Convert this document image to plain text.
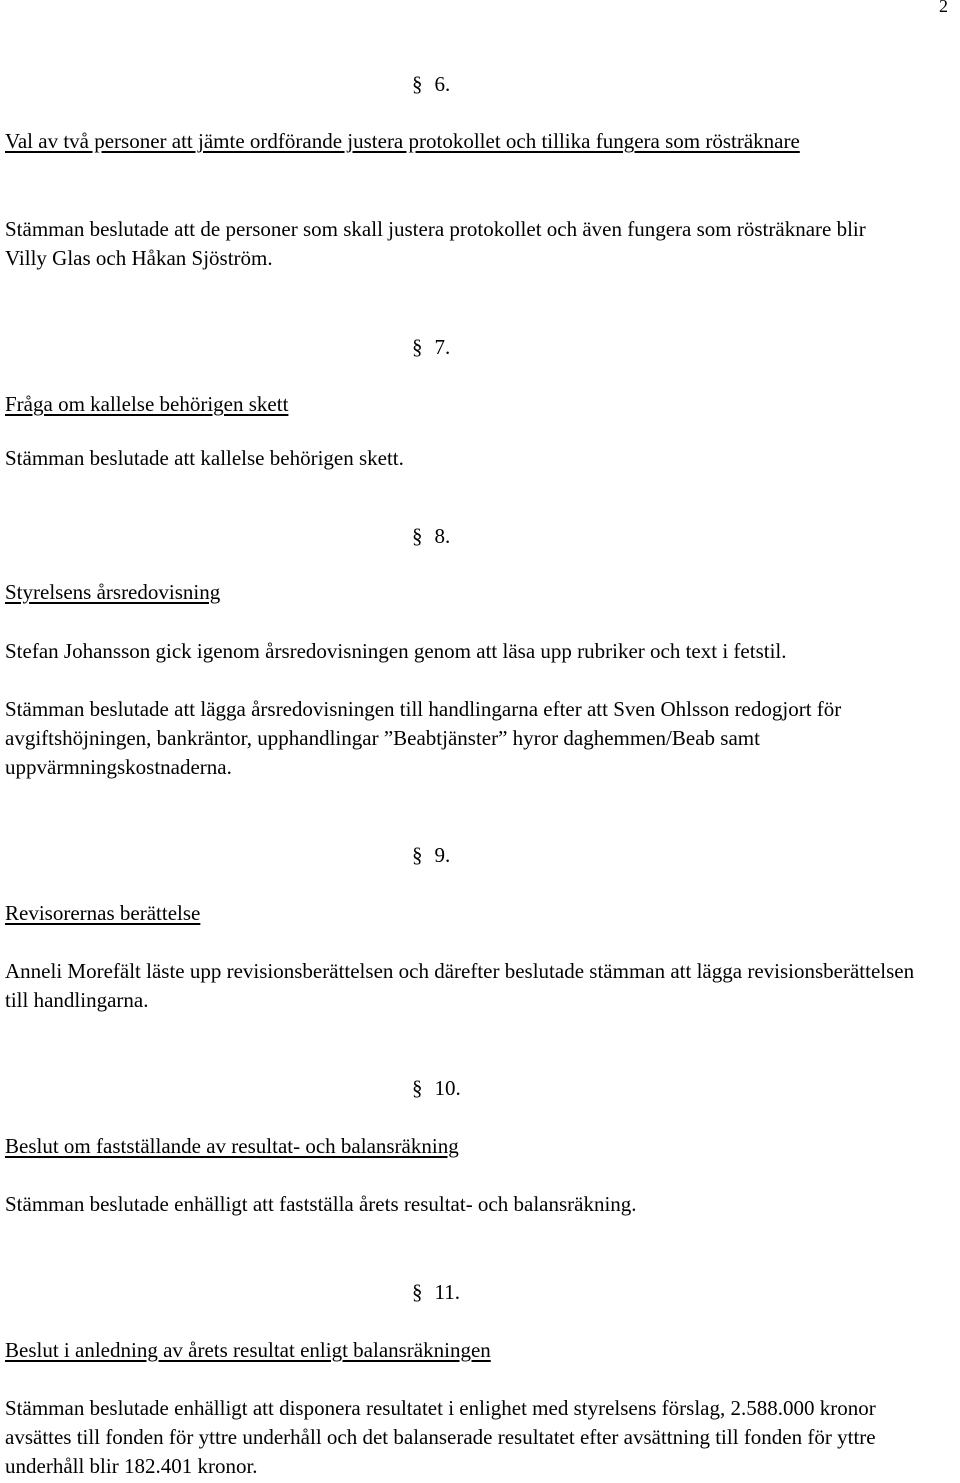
2
§ 6.

Val av två personer att jämte ordförande justera protokollet och tillika fungera som rösträknare

Stämman beslutade att de personer som skall justera protokollet och även fungera som rösträknare blir Villy Glas och Håkan Sjöström.

§ 7.

Fråga om kallelse behörigen skett

Stämman beslutade att kallelse behörigen skett.

§ 8.

Styrelsens årsredovisning

Stefan Johansson gick igenom årsredovisningen genom att läsa upp rubriker och text i fetstil.

Stämman beslutade att lägga årsredovisningen till handlingarna efter att Sven Ohlsson redogjort för avgiftshöjningen, bankräntor, upphandlingar ”Beabtjänster” hyror daghemmen/Beab samt uppvärmningskostnaderna.

§ 9.

Revisorernas berättelse

Anneli Morefält läste upp revisionsberättelsen och därefter beslutade stämman att lägga revisionsberättelsen till handlingarna.

§ 10.

Beslut om fastställande av resultat- och balansräkning

Stämman beslutade enhälligt att fastställa årets resultat- och balansräkning.

§ 11.

Beslut i anledning av årets resultat enligt balansräkningen

Stämman beslutade enhälligt att disponera resultatet i enlighet med styrelsens förslag, 2.588.000 kronor avsättes till fonden för yttre underhåll och det balanserade resultatet efter avsättning till fonden för yttre underhåll blir 182.401 kronor.
